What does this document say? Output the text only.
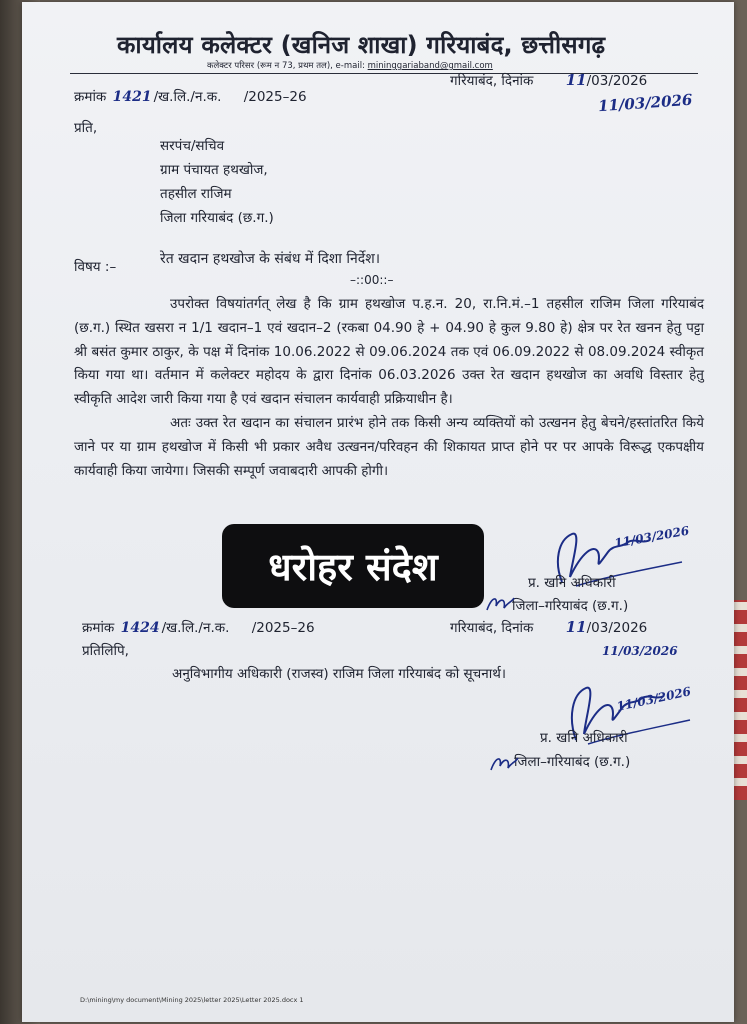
कार्यालय कलेक्टर (खनिज शाखा) गरियाबंद, छत्तीसगढ़
कलेक्टर परिसर (रूम न 73, प्रथम तल), e-mail: mininggariaband@gmail.com
क्रमांक 1421 /ख.लि./न.क. /2025–26
गरियाबंद, दिनांक 11/03/2026
11/03/2026
प्रति,
सरपंच/सचिव
ग्राम पंचायत हथखोज,
तहसील राजिम
जिला गरियाबंद (छ.ग.)
विषय :–	रेत खदान हथखोज के संबंध में दिशा निर्देश।
–::00::–

उपरोक्त विषयांतर्गत् लेख है कि ग्राम हथखोज प.ह.न. 20, रा.नि.मं.–1 तहसील राजिम जिला गरियाबंद (छ.ग.) स्थित खसरा न 1/1 खदान–1 एवं खदान–2 (रकबा 04.90 हे + 04.90 हे कुल 9.80 हे) क्षेत्र पर रेत खनन हेतु पट्टा श्री बसंत कुमार ठाकुर, के पक्ष में दिनांक 10.06.2022 से 09.06.2024 तक एवं 06.09.2022 से 08.09.2024 स्वीकृत किया गया था। वर्तमान में कलेक्टर महोदय के द्वारा दिनांक 06.03.2026 उक्त रेत खदान हथखोज का अवधि विस्तार हेतु स्वीकृति आदेश जारी किया गया है एवं खदान संचालन कार्यवाही प्रक्रियाधीन है।

अतः उक्त रेत खदान का संचालन प्रारंभ होने तक किसी अन्य व्यक्तियों को उत्खनन हेतु बेचने/हस्तांतरित किये जाने पर या ग्राम हथखोज में किसी भी प्रकार अवैध उत्खनन/परिवहन की शिकायत प्राप्त होने पर पर आपके विरूद्ध एकपक्षीय कार्यवाही किया जायेगा। जिसकी सम्पूर्ण जवाबदारी आपकी होगी।

11/03/2026
प्र. खनि अधिकारी
जिला–गरियाबंद (छ.ग.)
धरोहर संदेश
क्रमांक 1424 /ख.लि./न.क. /2025–26	गरियाबंद, दिनांक 11/03/2026
11/03/2026
प्रतिलिपि,
अनुविभागीय अधिकारी (राजस्व) राजिम जिला गरियाबंद को सूचनार्थ।
11/03/2026
प्र. खनि अधिकारी
जिला–गरियाबंद (छ.ग.)
D:\mining\my document\Mining 2025\letter 2025\Letter 2025.docx 1
